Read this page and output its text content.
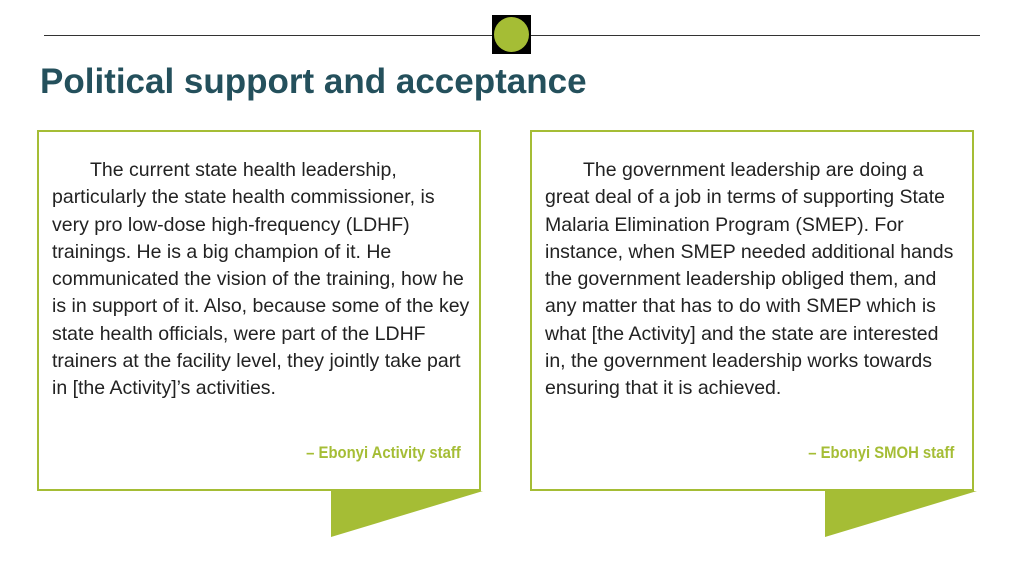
Political support and acceptance

The current state health leadership, particularly the state health commissioner, is very pro low-dose high-frequency (LDHF) trainings. He is a big champion of it. He communicated the vision of the training, how he is in support of it. Also, because some of the key state health officials, were part of the LDHF trainers at the facility level, they jointly take part in [the Activity]’s activities.

– Ebonyi Activity staff

The government leadership are doing a great deal of a job in terms of supporting State Malaria Elimination Program (SMEP). For instance, when SMEP needed additional hands the government leadership obliged them, and any matter that has to do with SMEP which is what [the Activity] and the state are interested in, the government leadership works towards ensuring that it is achieved.

– Ebonyi SMOH staff
